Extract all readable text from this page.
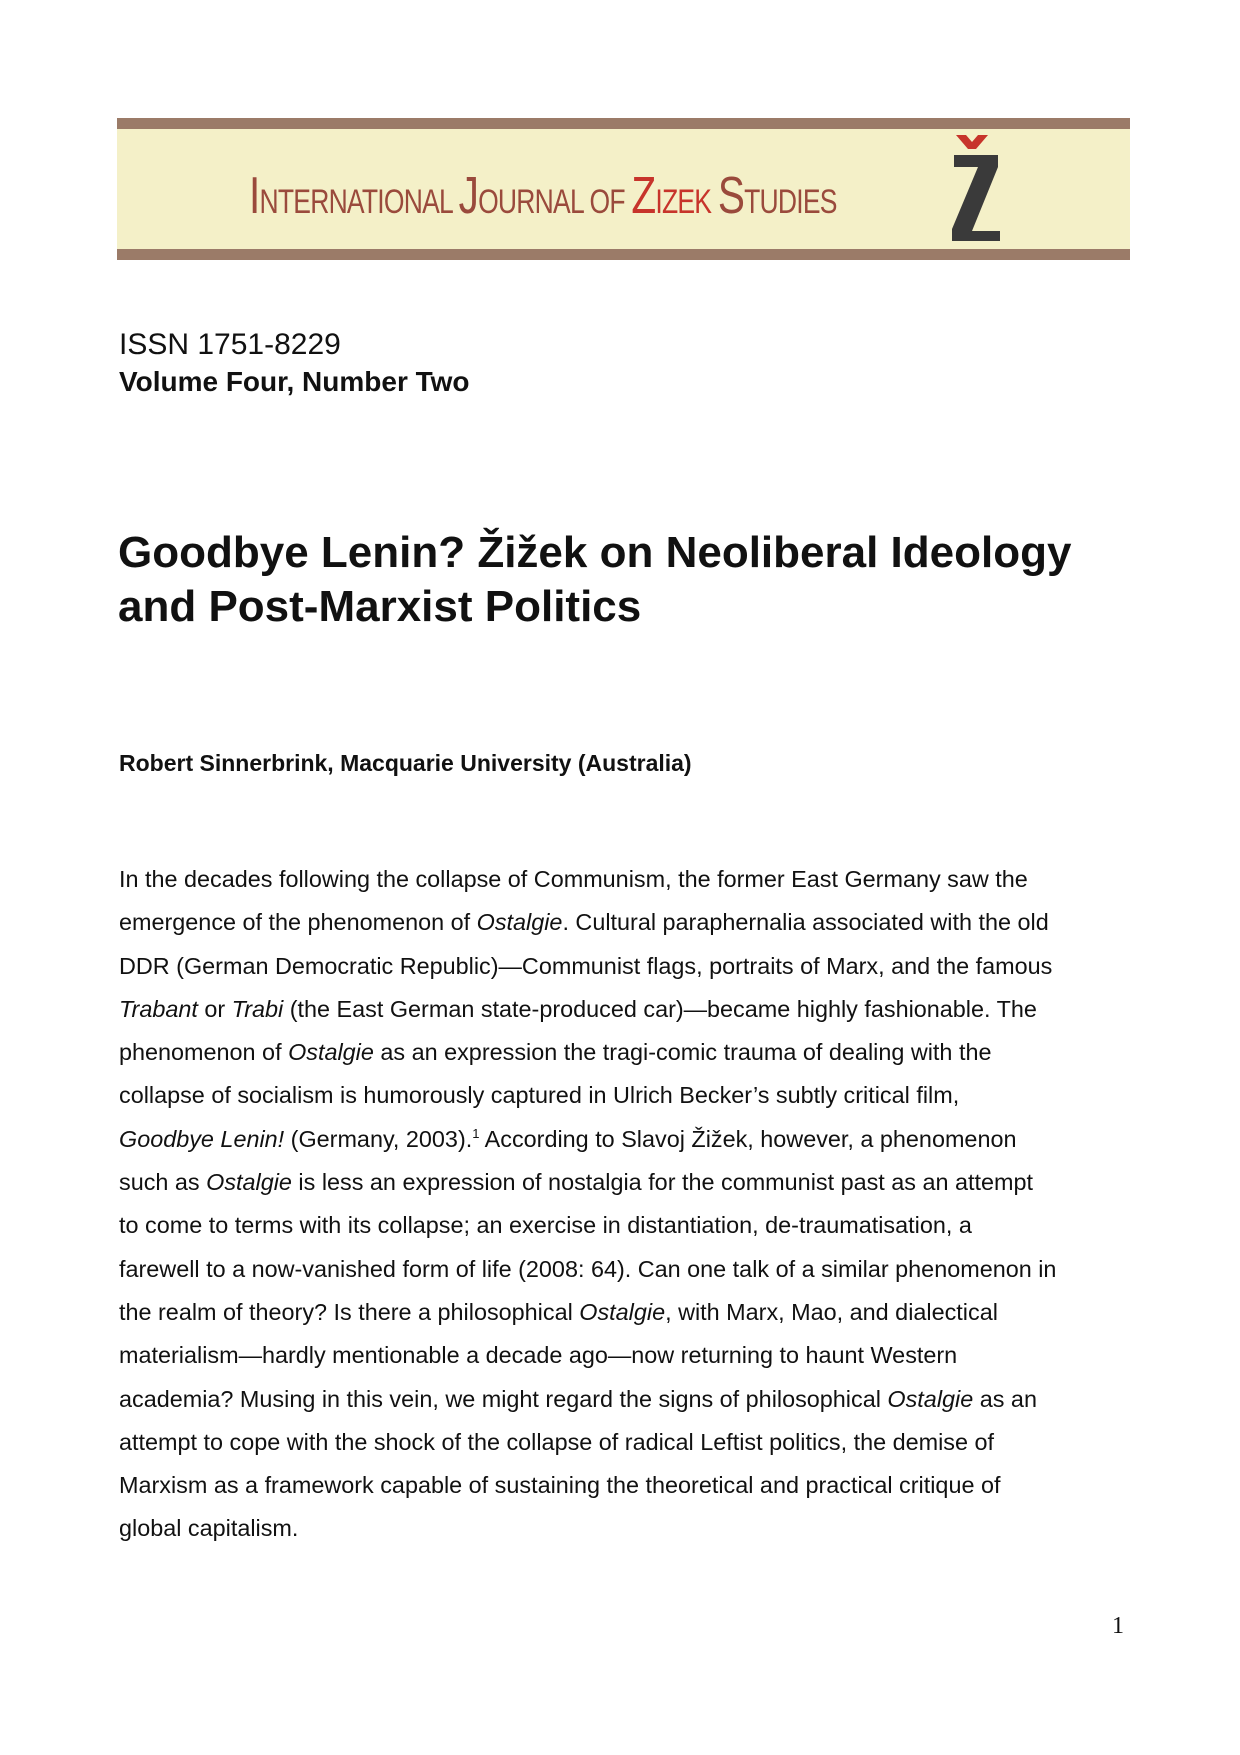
INTERNATIONAL JOURNAL OF ZIZEK STUDIES
ISSN 1751-8229
Volume Four, Number Two
Goodbye Lenin? Žižek on Neoliberal Ideology
and Post-Marxist Politics
Robert Sinnerbrink, Macquarie University (Australia)

In the decades following the collapse of Communism, the former East Germany saw the

emergence of the phenomenon of Ostalgie. Cultural paraphernalia associated with the old

DDR (German Democratic Republic)—Communist flags, portraits of Marx, and the famous

Trabant or Trabi (the East German state-produced car)—became highly fashionable. The

phenomenon of Ostalgie as an expression the tragi-comic trauma of dealing with the

collapse of socialism is humorously captured in Ulrich Becker’s subtly critical film,

Goodbye Lenin! (Germany, 2003).$^1$ According to Slavoj Žižek, however, a phenomenon

such as Ostalgie is less an expression of nostalgia for the communist past as an attempt

to come to terms with its collapse; an exercise in distantiation, de-traumatisation, a

farewell to a now-vanished form of life (2008: 64). Can one talk of a similar phenomenon in

the realm of theory? Is there a philosophical Ostalgie, with Marx, Mao, and dialectical

materialism—hardly mentionable a decade ago—now returning to haunt Western

academia? Musing in this vein, we might regard the signs of philosophical Ostalgie as an

attempt to cope with the shock of the collapse of radical Leftist politics, the demise of

Marxism as a framework capable of sustaining the theoretical and practical critique of

global capitalism.

1
